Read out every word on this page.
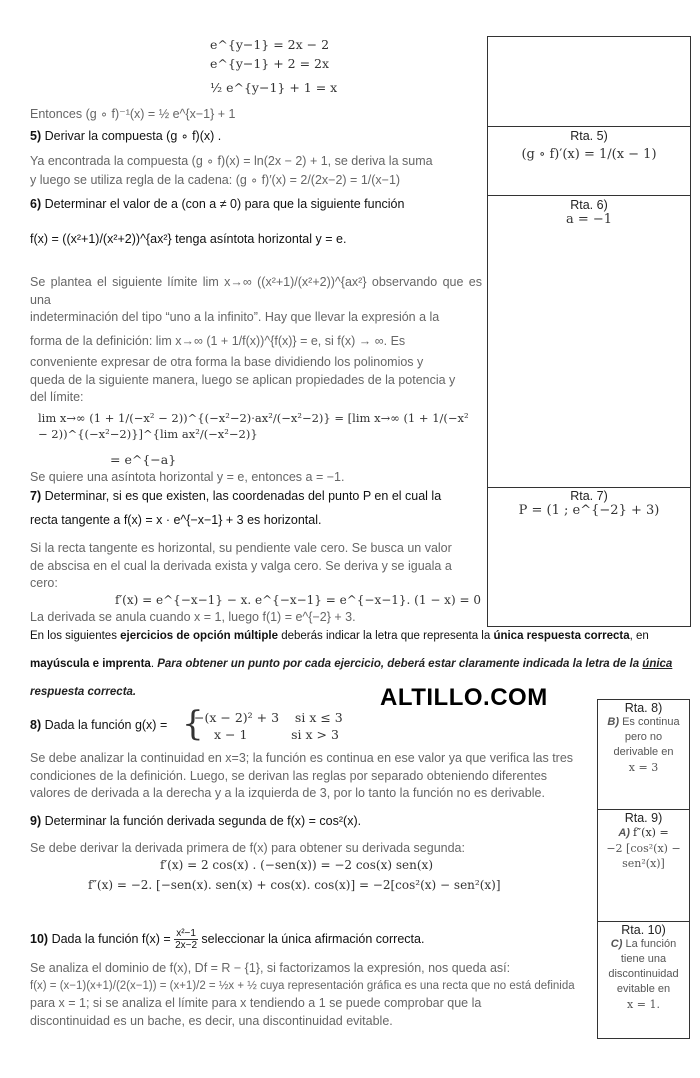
e^{y−1} = 2x − 2
e^{y−1} + 2 = 2x
½ e^{y−1} + 1 = x
Entonces (g ∘ f)⁻¹(x) = ½ e^{x−1} + 1
5) Derivar la compuesta (g ∘ f)(x) .
Ya encontrada la compuesta (g ∘ f)(x) = ln(2x − 2) + 1, se deriva la suma
y luego se utiliza regla de la cadena: (g ∘ f)′(x) = 2/(2x−2) = 1/(x−1)
Rta. 5)
(g ∘ f)′(x) = 1/(x − 1)
6) Determinar el valor de a (con a ≠ 0) para que la siguiente función
f(x) = ((x²+1)/(x²+2))^{ax²} tenga asíntota horizontal y = e.
Se plantea el siguiente límite lim x→∞ ((x²+1)/(x²+2))^{ax²} observando que es una
indeterminación del tipo “uno a la infinito”. Hay que llevar la expresión a la
forma de la definición: lim x→∞ (1 + 1/f(x))^{f(x)} = e, si f(x) → ∞. Es
conveniente expresar de otra forma la base dividiendo los polinomios y
queda de la siguiente manera, luego se aplican propiedades de la potencia y
del límite:
lim x→∞ (1 + 1/(−x² − 2))^{(−x²−2)·ax²/(−x²−2)} = [lim x→∞ (1 + 1/(−x² − 2))^{(−x²−2)}]^{lim ax²/(−x²−2)}
= e^{−a}
Se quiere una asíntota horizontal y = e, entonces a = −1.
Rta. 6)
a = −1
7) Determinar, si es que existen, las coordenadas del punto P en el cual la
recta tangente a f(x) = x · e^{−x−1} + 3 es horizontal.
Si la recta tangente es horizontal, su pendiente vale cero. Se busca un valor
de abscisa en el cual la derivada exista y valga cero. Se deriva y se iguala a
cero:
f′(x) = e^{−x−1} − x. e^{−x−1} = e^{−x−1}. (1 − x) = 0
La derivada se anula cuando x = 1, luego f(1) = e^{−2} + 3.
Rta. 7)
P = (1 ; e^{−2} + 3)
En los siguientes ejercicios de opción múltiple deberás indicar la letra que representa la única respuesta correcta, en
mayúscula e imprenta. Para obtener un punto por cada ejercicio, deberá estar claramente indicada la letra de la única
respuesta correcta.	ALTILLO.COM
8) Dada la función g(x) = {
−(x − 2)² + 3    si x ≤ 3
x − 1           si x > 3
Se debe analizar la continuidad en x=3; la función es continua en ese valor ya que verifica las tres
condiciones de la definición. Luego, se derivan las reglas por separado obteniendo diferentes
valores de derivada a la derecha y a la izquierda de 3, por lo tanto la función no es derivable.
Rta. 8)
B) Es continua
pero no
derivable en
x = 3
9) Determinar la función derivada segunda de f(x) = cos²(x).
Se debe derivar la derivada primera de f(x) para obtener su derivada segunda:
f′(x) = 2 cos(x) . (−sen(x)) = −2 cos(x) sen(x)
f″(x) = −2. [−sen(x). sen(x) + cos(x). cos(x)] = −2[cos²(x) − sen²(x)]
Rta. 9)
A) f″(x) =
−2 [cos²(x) −
sen²(x)]
10) Dada la función $f(x) = \frac{\text{x²−1}}{2x-2}$ seleccionar la única afirmación correcta.
Se analiza el dominio de f(x), Df = R − {1}, si factorizamos la expresión, nos queda así:
f(x) = (x−1)(x+1)/(2(x−1)) = (x+1)/2 = ½x + ½ cuya representación gráfica es una recta que no está definida
para x = 1; si se analiza el límite para x tendiendo a 1 se puede comprobar que la
discontinuidad es un bache, es decir, una discontinuidad evitable.
Rta. 10)
C) La función
tiene una
discontinuidad
evitable en
x = 1.
